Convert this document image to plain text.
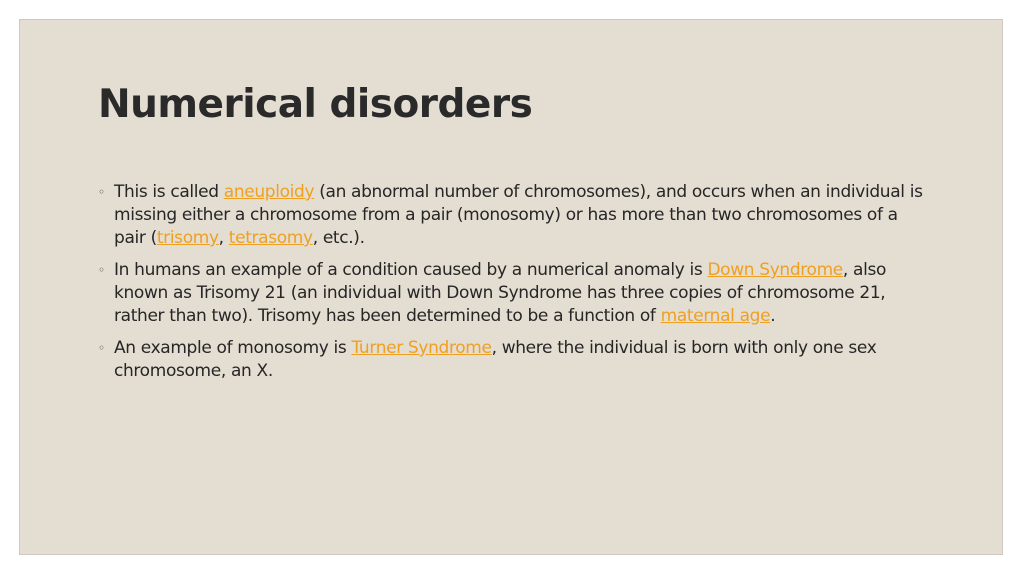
Numerical disorders
◦ This is called aneuploidy (an abnormal number of chromosomes), and occurs when an individual is missing either a chromosome from a pair (monosomy) or has more than two chromosomes of a pair (trisomy, tetrasomy, etc.).
◦ In humans an example of a condition caused by a numerical anomaly is Down Syndrome, also known as Trisomy 21 (an individual with Down Syndrome has three copies of chromosome 21, rather than two). Trisomy has been determined to be a function of maternal age.
◦ An example of monosomy is Turner Syndrome, where the individual is born with only one sex chromosome, an X.
